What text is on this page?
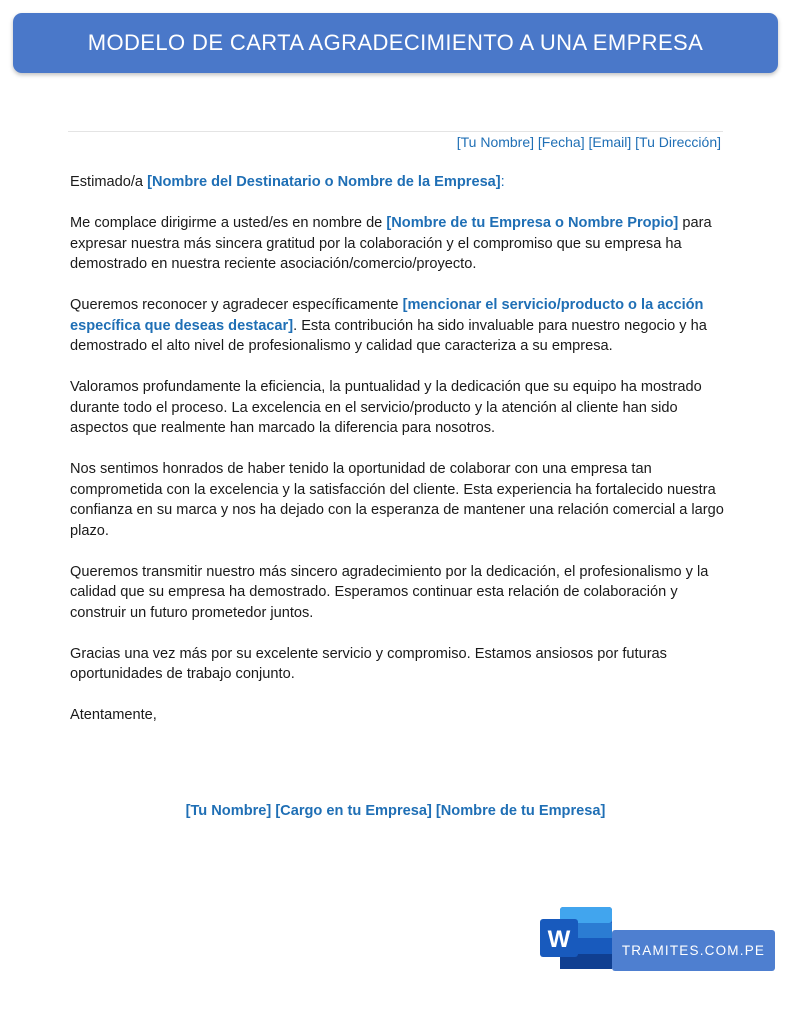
MODELO DE CARTA AGRADECIMIENTO A UNA EMPRESA
[Tu Nombre] [Fecha] [Email] [Tu Dirección]

Estimado/a [Nombre del Destinatario o Nombre de la Empresa]:

Me complace dirigirme a usted/es en nombre de [Nombre de tu Empresa o Nombre Propio] para expresar nuestra más sincera gratitud por la colaboración y el compromiso que su empresa ha demostrado en nuestra reciente asociación/comercio/proyecto.

Queremos reconocer y agradecer específicamente [mencionar el servicio/producto o la acción específica que deseas destacar]. Esta contribución ha sido invaluable para nuestro negocio y ha demostrado el alto nivel de profesionalismo y calidad que caracteriza a su empresa.

Valoramos profundamente la eficiencia, la puntualidad y la dedicación que su equipo ha mostrado durante todo el proceso. La excelencia en el servicio/producto y la atención al cliente han sido aspectos que realmente han marcado la diferencia para nosotros.

Nos sentimos honrados de haber tenido la oportunidad de colaborar con una empresa tan comprometida con la excelencia y la satisfacción del cliente. Esta experiencia ha fortalecido nuestra confianza en su marca y nos ha dejado con la esperanza de mantener una relación comercial a largo plazo.

Queremos transmitir nuestro más sincero agradecimiento por la dedicación, el profesionalismo y la calidad que su empresa ha demostrado. Esperamos continuar esta relación de colaboración y construir un futuro prometedor juntos.

Gracias una vez más por su excelente servicio y compromiso. Estamos ansiosos por futuras oportunidades de trabajo conjunto.

Atentamente,

[Tu Nombre] [Cargo en tu Empresa] [Nombre de tu Empresa]
W	TRAMITES.COM.PE
